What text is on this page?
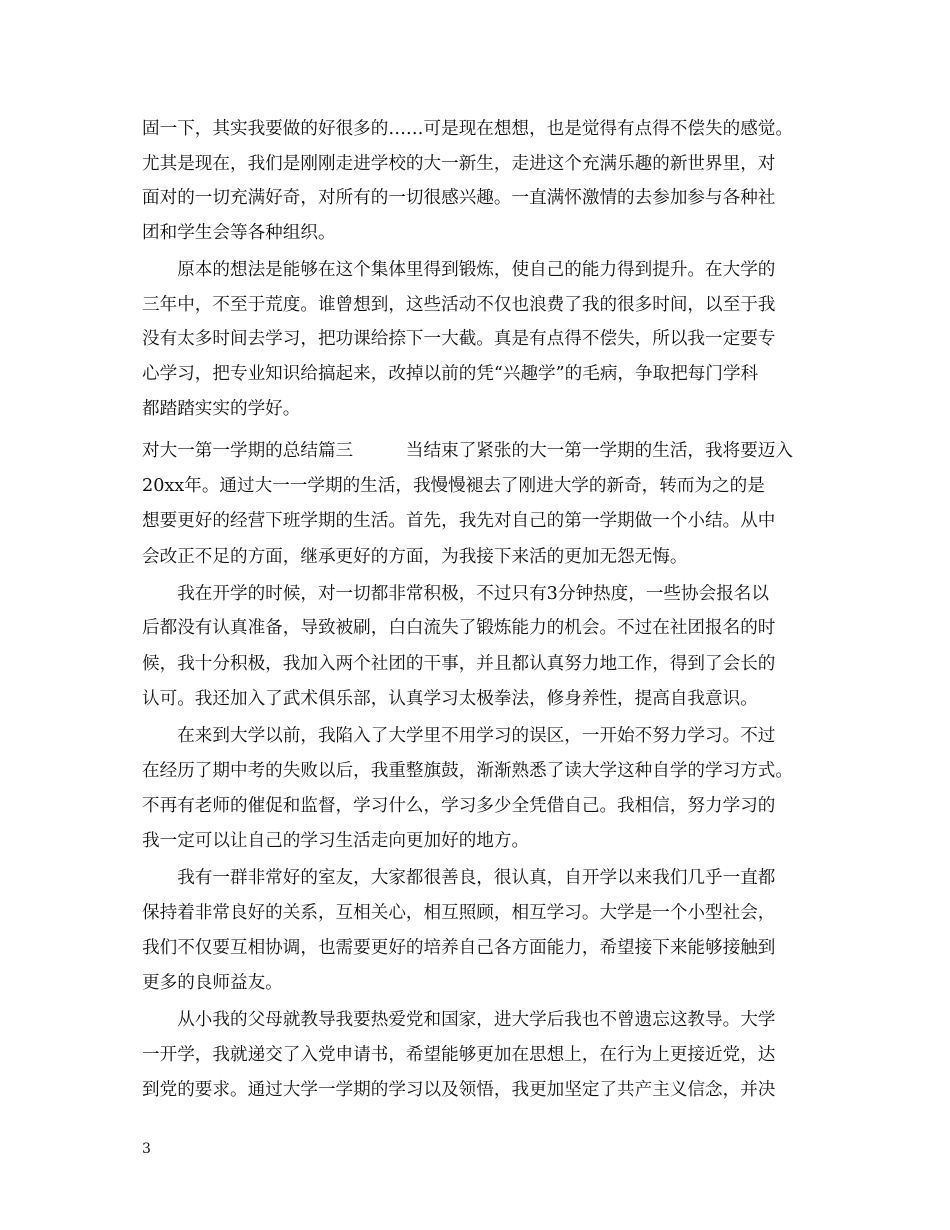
固一下，其实我要做的好很多的……可是现在想想，也是觉得有点得不偿失的感觉。
尤其是现在，我们是刚刚走进学校的大一新生，走进这个充满乐趣的新世界里，对
面对的一切充满好奇，对所有的一切很感兴趣。一直满怀激情的去参加参与各种社
团和学生会等各种组织。
　　原本的想法是能够在这个集体里得到锻炼，使自己的能力得到提升。在大学的
三年中，不至于荒度。谁曾想到，这些活动不仅也浪费了我的很多时间，以至于我
没有太多时间去学习，把功课给捺下一大截。真是有点得不偿失，所以我一定要专
心学习，把专业知识给搞起来，改掉以前的凭“兴趣学”的毛病，争取把每门学科
都踏踏实实的学好。
对大一第一学期的总结篇三　　　当结束了紧张的大一第一学期的生活，我将要迈入
20xx年。通过大一一学期的生活，我慢慢褪去了刚进大学的新奇，转而为之的是
想要更好的经营下班学期的生活。首先，我先对自己的第一学期做一个小结。从中
会改正不足的方面，继承更好的方面，为我接下来活的更加无怨无悔。
　　我在开学的时候，对一切都非常积极，不过只有3分钟热度，一些协会报名以
后都没有认真准备，导致被刷，白白流失了锻炼能力的机会。不过在社团报名的时
候，我十分积极，我加入两个社团的干事，并且都认真努力地工作，得到了会长的
认可。我还加入了武术俱乐部，认真学习太极拳法，修身养性，提高自我意识。
　　在来到大学以前，我陷入了大学里不用学习的误区，一开始不努力学习。不过
在经历了期中考的失败以后，我重整旗鼓，渐渐熟悉了读大学这种自学的学习方式。
不再有老师的催促和监督，学习什么，学习多少全凭借自己。我相信，努力学习的
我一定可以让自己的学习生活走向更加好的地方。
　　我有一群非常好的室友，大家都很善良，很认真，自开学以来我们几乎一直都
保持着非常良好的关系，互相关心，相互照顾，相互学习。大学是一个小型社会，
我们不仅要互相协调，也需要更好的培养自己各方面能力，希望接下来能够接触到
更多的良师益友。
　　从小我的父母就教导我要热爱党和国家，进大学后我也不曾遗忘这教导。大学
一开学，我就递交了入党申请书，希望能够更加在思想上，在行为上更接近党，达
到党的要求。通过大学一学期的学习以及领悟，我更加坚定了共产主义信念，并决
3
